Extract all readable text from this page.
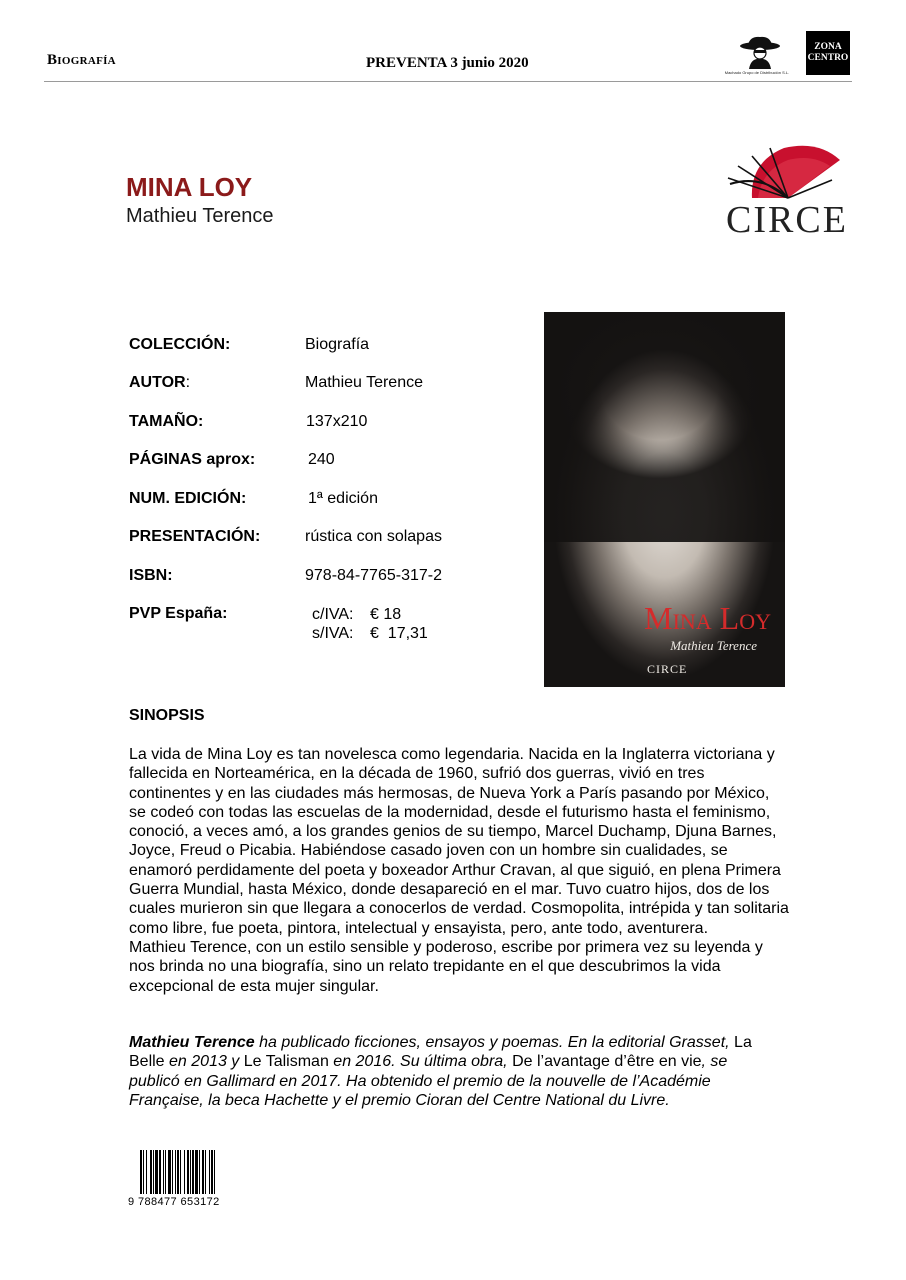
Biografía	PREVENTA 3 junio 2020
Machado Grupo de Distribución S.L.
ZONA
CENTRO
MINA LOY
Mathieu Terence	CIRCE
COLECCIÓN:	Biografía
AUTOR:	Mathieu Terence
TAMAÑO:	137x210
PÁGINAS aprox:	240
NUM. EDICIÓN:	1ª edición
PRESENTACIÓN:	rústica con solapas
ISBN:	978-84-7765-317-2
PVP España:	c/IVA: € 18
s/IVA: €  17,31	Mina Loy
Mathieu Terence
CIRCE
SINOPSIS

La vida de Mina Loy es tan novelesca como legendaria. Nacida en la Inglaterra victoriana y fallecida en Norteamérica, en la década de 1960, sufrió dos guerras, vivió en tres continentes y en las ciudades más hermosas, de Nueva York a París pasando por México, se codeó con todas las escuelas de la modernidad, desde el futurismo hasta el feminismo, conoció, a veces amó, a los grandes genios de su tiempo, Marcel Duchamp, Djuna Barnes, Joyce, Freud o Picabia. Habiéndose casado joven con un hombre sin cualidades, se enamoró perdidamente del poeta y boxeador Arthur Cravan, al que siguió, en plena Primera Guerra Mundial, hasta México, donde desapareció en el mar. Tuvo cuatro hijos, dos de los cuales murieron sin que llegara a conocerlos de verdad. Cosmopolita, intrépida y tan solitaria como libre, fue poeta, pintora, intelectual y ensayista, pero, ante todo, aventurera.

Mathieu Terence, con un estilo sensible y poderoso, escribe por primera vez su leyenda y nos brinda no una biografía, sino un relato trepidante en el que descubrimos la vida excepcional de esta mujer singular.

Mathieu Terence ha publicado ficciones, ensayos y poemas. En la editorial Grasset, La Belle en 2013 y Le Talisman en 2016. Su última obra, De l’avantage d’être en vie, se publicó en Gallimard en 2017. Ha obtenido el premio de la nouvelle de l’Académie Française, la beca Hachette y el premio Cioran del Centre National du Livre.
9 788477 653172
